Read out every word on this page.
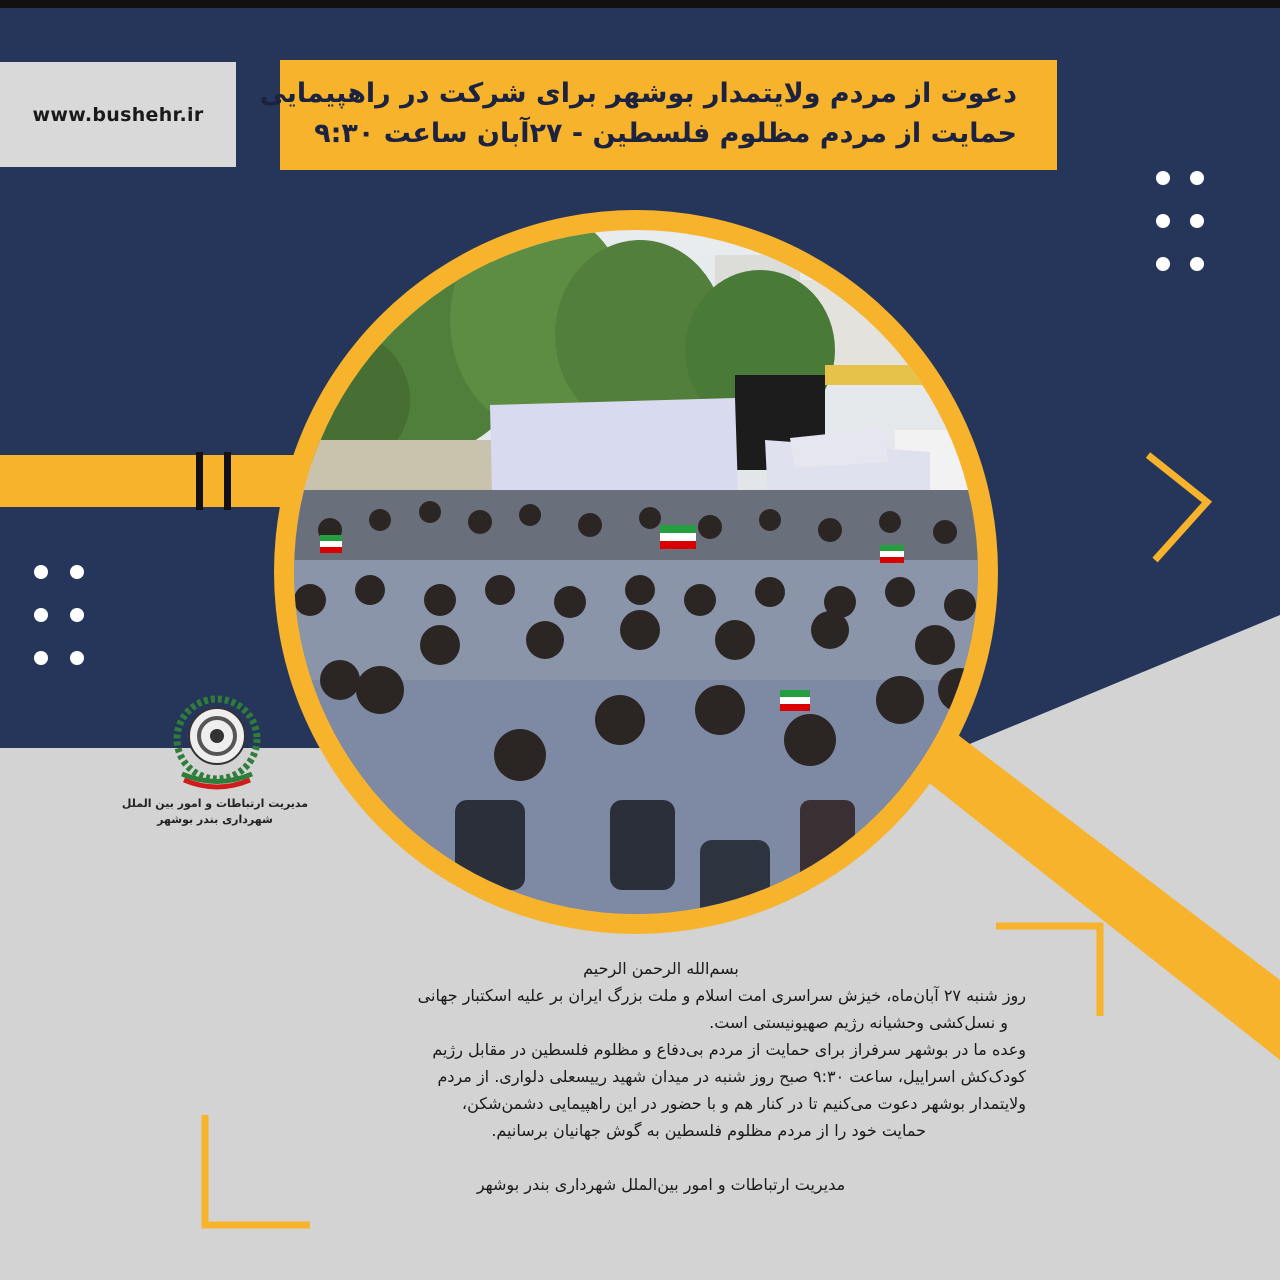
www.bushehr.ir
دعوت از مردم ولایتمدار بوشهر برای شرکت در راهپیمایی
حمایت از مردم مظلوم فلسطین - ۲۷آبان ساعت ۹:۳۰
مدیریت ارتباطات و امور بین الملل
شهرداری بندر بوشهر

بسم‌الله الرحمن الرحیم

روز شنبه ۲۷ آبان‌ماه، خیزش سراسری امت اسلام و ملت بزرگ ایران بر علیه اسکتبار جهانی

و نسل‌کشی وحشیانه رژیم صهیونیستی است.

وعده ما در بوشهر سرفراز برای حمایت از مردم بی‌دفاع و مظلوم فلسطین در مقابل رژیم

کودک‌کش اسراییل، ساعت ۹:۳۰ صبح روز شنبه در میدان شهید رییسعلی دلواری. از مردم

ولایتمدار بوشهر دعوت می‌کنیم تا در کنار هم و با حضور در این راهپیمایی دشمن‌شکن،

حمایت خود را از مردم مظلوم فلسطین به گوش جهانیان برسانیم.

مدیریت ارتباطات و امور بین‌الملل شهرداری بندر بوشهر
